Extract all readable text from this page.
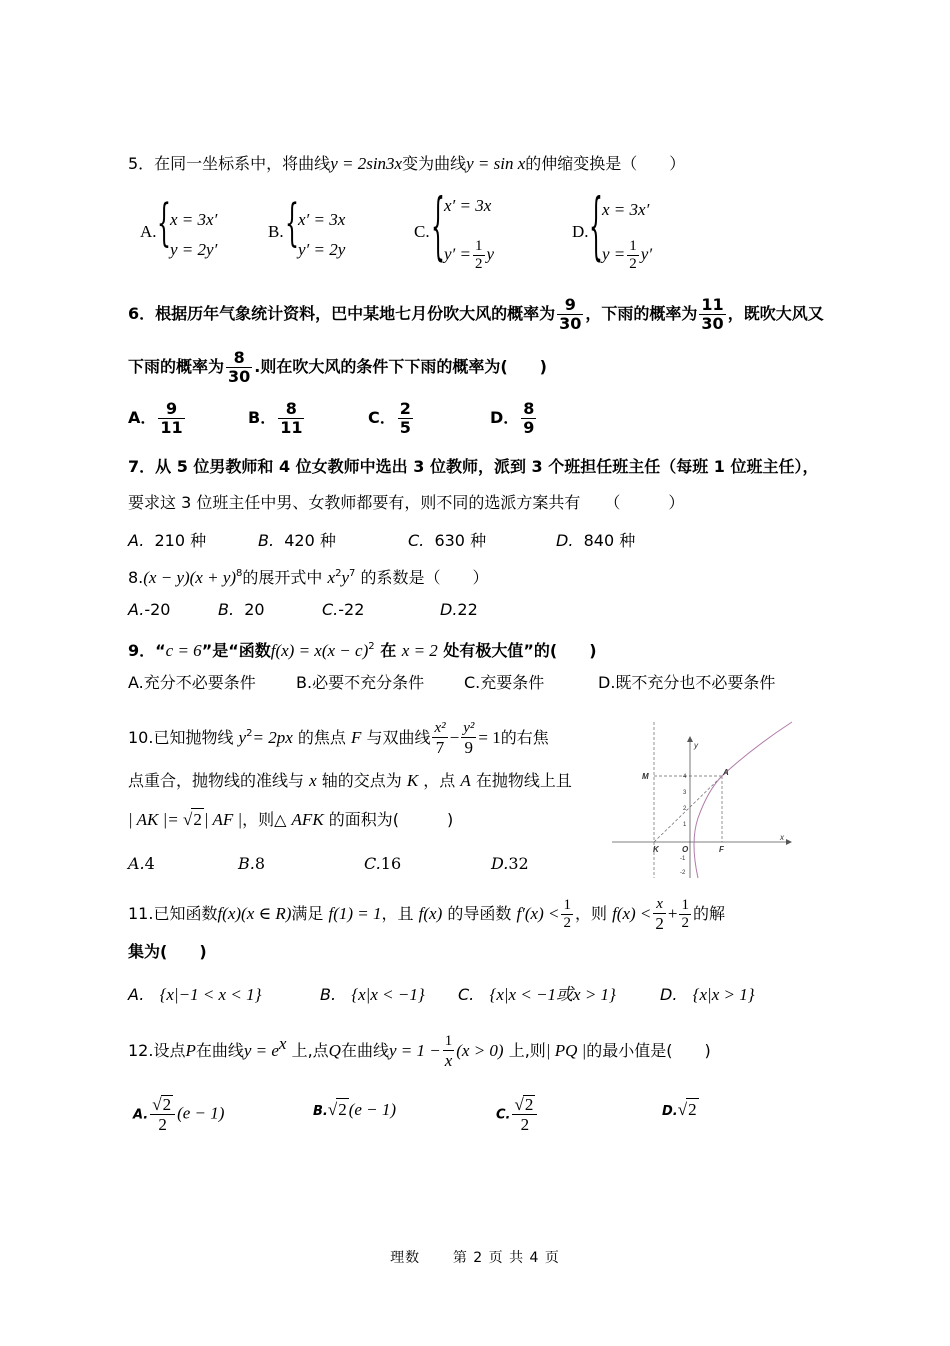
5．在同一坐标系中，将曲线y = 2sin3x变为曲线y = sin x的伸缩变换是（　　）
A. { x = 3x′
y = 2y′
B. { x′ = 3x
y′ = 2y
C. { x′ = 3x
$y' = \frac{1}{2}$ y
D. { x = 3x′
$y = \frac{1}{2} y'$
6．根据历年气象统计资料，巴中某地七月份吹大风的概率为 $\frac{9}{30}$ ，下雨的概率为 $\frac{11}{30}$ ，既吹大风又
下雨的概率为 $\frac{8}{30}$ .则在吹大风的条件下下雨的概率为(　　)
A． $\frac{9}{11}$	B． $\frac{8}{11}$	C． $\frac{2}{5}$	D． $\frac{8}{9}$
7．从 5 位男教师和 4 位女教师中选出 3 位教师，派到 3 个班担任班主任（每班 1 位班主任），
要求这 3 位班主任中男、女教师都要有，则不同的选派方案共有　　（　　　）
A. 210 种	B. 420 种	C. 630 种	D. 840 种
$8.(x - y)(x + y)^8$的展开式中 $x^2y^7$ 的系数是（　　）
A.-20	B. 20	C.-22	D.22
9．“c = 6”是“函数$f(x) = x(x - c)^2$ 在 x = 2 处有极大值”的(　　)
A.充分不必要条件	B.必要不充分条件 C.充要条件	D.既不充分也不必要条件
10.已知抛物线 $y^2= 2px$ 的焦点 F 与双曲线 $\frac{\text{x²}}{7} - \frac{\text{y²}}{9} = 1$的右焦
点重合，抛物线的准线与 x 轴的交点为 K ，点 A 在抛物线上且
| AK |= √2 | AF |，则△ AFK 的面积为(　　　)
A.4	B.8	C.16	D.32
x
y
M	A
K	O	F
4
3
2
1
-1
-2
11.已知函数f(x)(x ∈ R)满足 f(1) = 1，且 f(x) 的导函数 $f'(x) < \frac{1}{2}$ ，则 $f(x) < \frac{x}{2} + \frac{1}{2}$ 的解
集为(　　)
A. {x|−1 < x < 1}	B. {x|x < −1} C. {x|x < −1或x > 1}	D. {x|x > 1}
12.设点P在曲线$y = e^x$ 上,点Q在曲线$y = 1 - \frac{1}{x} (x > 0)$ 上,则| PQ |的最小值是(　　)
A. $\frac{√2}{2} (e - 1)$	B.√2 (e − 1)	C. $\frac{√2}{2}$	D.√2
理数 第 2 页 共 4 页
